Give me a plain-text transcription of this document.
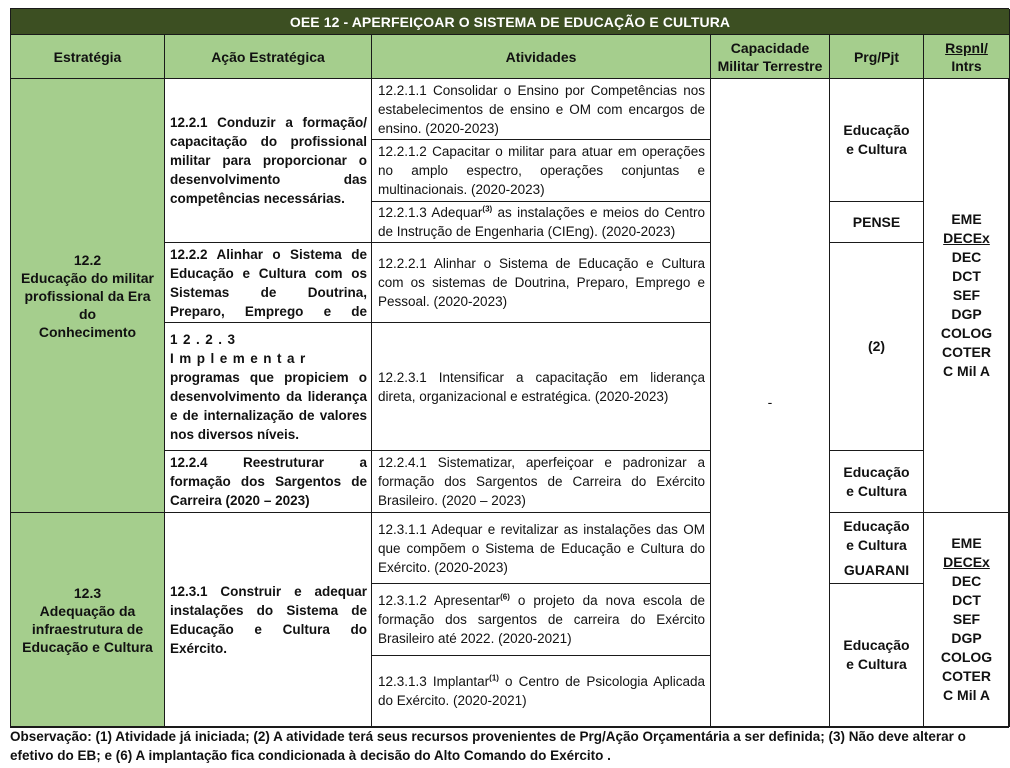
OEE 12 - APERFEIÇOAR O SISTEMA DE EDUCAÇÃO E CULTURA
Estratégia	Ação Estratégica	Atividades
Capacidade
Militar Terrestre
Prg/Pjt
Rspnl/
Intrs
12.2
Educação do militar
profissional da Era do
Conhecimento
12.2.1 Conduzir a formação/ capacitação do profissional militar para proporcionar o desenvolvimento das competências necessárias.
12.2.2 Alinhar o Sistema de Educação e Cultura com os Sistemas de Doutrina, Preparo, Emprego e de
12.2.3 Implementar programas que propiciem o desenvolvimento da liderança e de internalização de valores nos diversos níveis.
12.2.4 Reestruturar a formação dos Sargentos de Carreira (2020 – 2023)
12.2.1.1 Consolidar o Ensino por Competências nos estabelecimentos de ensino e OM com encargos de ensino. (2020-2023)
12.2.1.2 Capacitar o militar para atuar em operações no amplo espectro, operações conjuntas e multinacionais. (2020-2023)
12.2.1.3 Adequar$^{(3)}$ as instalações e meios do Centro de Instrução de Engenharia (CIEng). (2020-2023)
12.2.2.1 Alinhar o Sistema de Educação e Cultura com os sistemas de Doutrina, Preparo, Emprego e Pessoal. (2020-2023)
12.2.3.1 Intensificar a capacitação em liderança direta, organizacional e estratégica. (2020-2023)
12.2.4.1 Sistematizar, aperfeiçoar e padronizar a formação dos Sargentos de Carreira do Exército Brasileiro. (2020 – 2023)
-
Educação
e Cultura
PENSE
(2)
Educação
e Cultura
EME
DECEx
DEC
DCT
SEF
DGP
COLOG
COTER
C Mil A
12.3
Adequação da
infraestrutura de
Educação e Cultura
12.3.1 Construir e adequar instalações do Sistema de Educação e Cultura do Exército.
12.3.1.1 Adequar e revitalizar as instalações das OM que compõem o Sistema de Educação e Cultura do Exército. (2020-2023)
12.3.1.2 Apresentar$^{(6)}$ o projeto da nova escola de formação dos sargentos de carreira do Exército Brasileiro até 2022. (2020-2021)
12.3.1.3 Implantar$^{(1)}$ o Centro de Psicologia Aplicada do Exército. (2020-2021)
Educação
e Cultura
GUARANI
Educação
e Cultura
EME
DECEx
DEC
DCT
SEF
DGP
COLOG
COTER
C Mil A
Observação: (1) Atividade já iniciada; (2) A atividade terá seus recursos provenientes de Prg/Ação Orçamentária a ser definida; (3) Não deve alterar o efetivo do EB; e (6) A implantação fica condicionada à decisão do Alto Comando do Exército .
